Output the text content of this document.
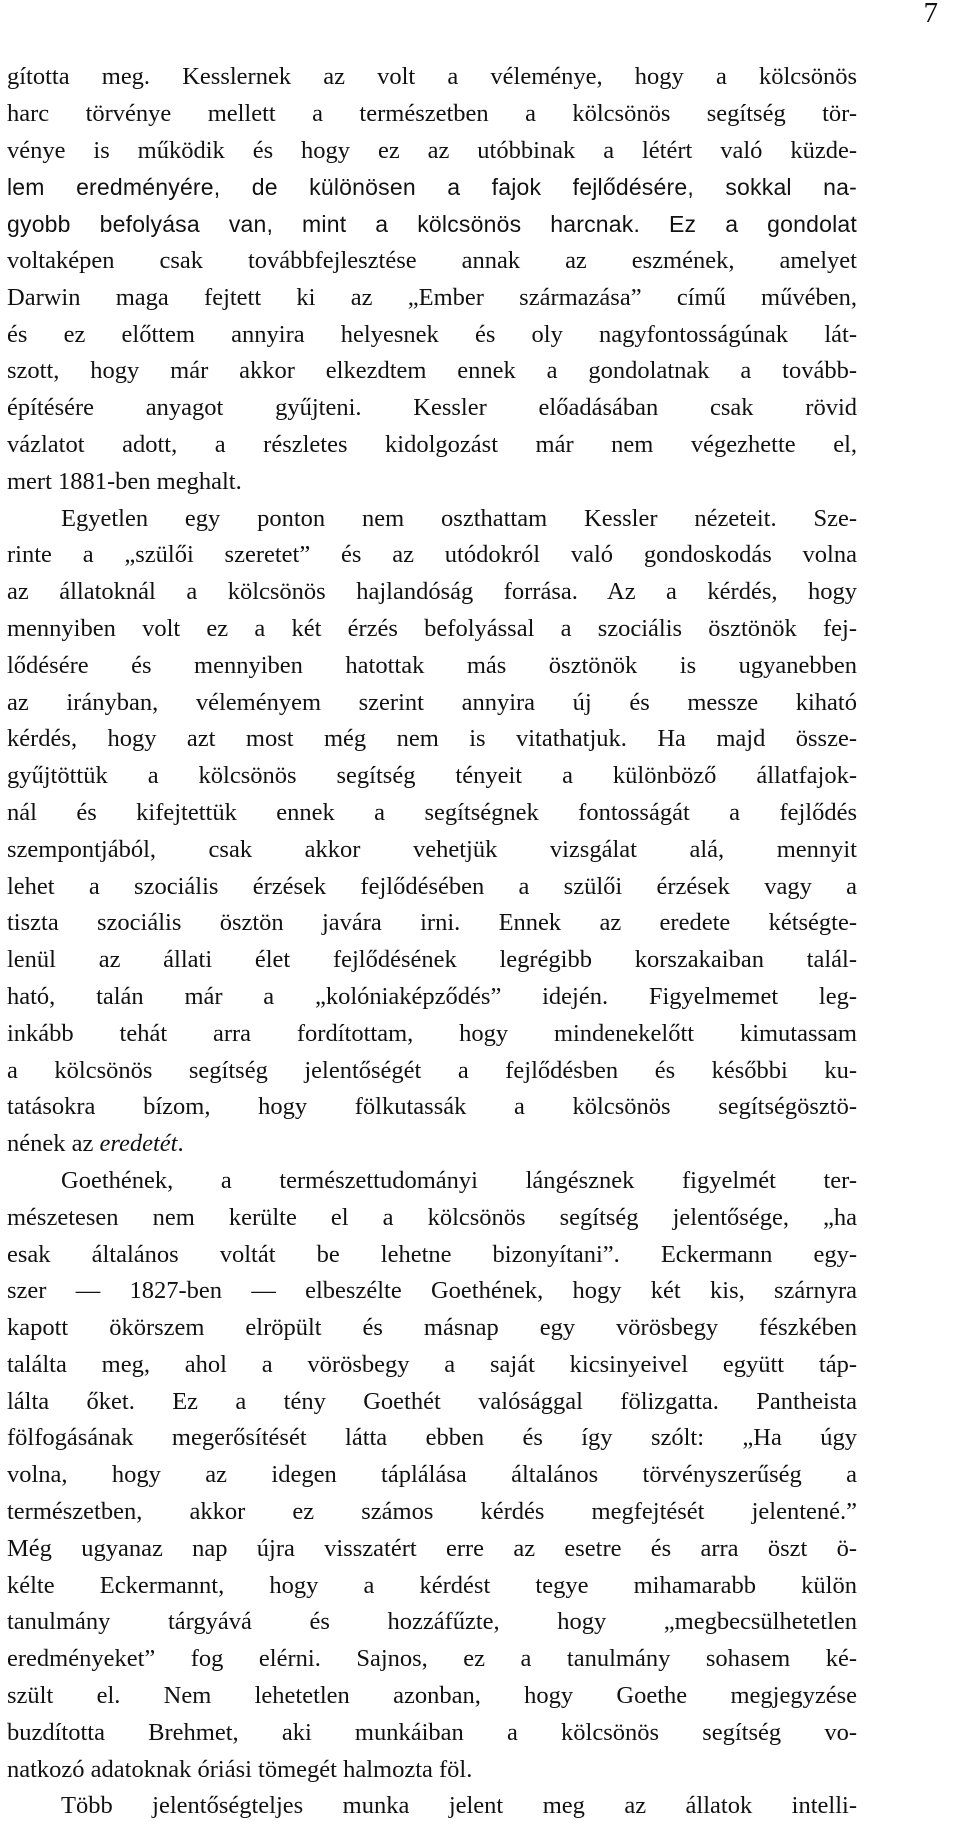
7
gította meg. Kesslernek az volt a véleménye, hogy a kölcsönös
harc törvénye mellett a természetben a kölcsönös segítség tör-
vénye is működik és hogy ez az utóbbinak a létért való küzde-
lem eredményére, de különösen a fajok fejlődésére, sokkal na-
gyobb befolyása van, mint a kölcsönös harcnak. Ez a gondolat
voltaképen csak továbbfejlesztése annak az eszmének, amelyet
Darwin maga fejtett ki az „Ember származása” című művében,
és ez előttem annyira helyesnek és oly nagyfontosságúnak lát-
szott, hogy már akkor elkezdtem ennek a gondolatnak a tovább-
építésére anyagot gyűjteni. Kessler előadásában csak rövid
vázlatot adott, a részletes kidolgozást már nem végezhette el,
mert 1881-ben meghalt.
Egyetlen egy ponton nem oszthattam Kessler nézeteit. Sze-
rinte a „szülői szeretet” és az utódokról való gondoskodás volna
az állatoknál a kölcsönös hajlandóság forrása. Az a kérdés, hogy
mennyiben volt ez a két érzés befolyással a szociális ösztönök fej-
lődésére és mennyiben hatottak más ösztönök is ugyanebben
az irányban, véleményem szerint annyira új és messze kiható
kérdés, hogy azt most még nem is vitathatjuk. Ha majd össze-
gyűjtöttük a kölcsönös segítség tényeit a különböző állatfajok-
nál és kifejtettük ennek a segítségnek fontosságát a fejlődés
szempontjából, csak akkor vehetjük vizsgálat alá, mennyit
lehet a szociális érzések fejlődésében a szülői érzések vagy a
tiszta szociális ösztön javára irni. Ennek az eredete kétségte-
lenül az állati élet fejlődésének legrégibb korszakaiban talál-
ható, talán már a „kolóniaképződés” idején. Figyelmemet leg-
inkább tehát arra fordítottam, hogy mindenekelőtt kimutassam
a kölcsönös segítség jelentőségét a fejlődésben és későbbi ku-
tatásokra bízom, hogy fölkutassák a kölcsönös segítségösztö-
nének az eredetét.
Goethének, a természettudományi lángésznek figyelmét ter-
mészetesen nem kerülte el a kölcsönös segítség jelentősége, „ha
esak általános voltát be lehetne bizonyítani”. Eckermann egy-
szer — 1827-ben — elbeszélte Goethének, hogy két kis, szárnyra
kapott ökörszem elröpült és másnap egy vörösbegy fészkében
találta meg, ahol a vörösbegy a saját kicsinyeivel együtt táp-
lálta őket. Ez a tény Goethét valósággal fölizgatta. Pantheista
fölfogásának megerősítését látta ebben és így szólt: „Ha úgy
volna, hogy az idegen táplálása általános törvényszerűség a
természetben, akkor ez számos kérdés megfejtését jelentené.”
Még ugyanaz nap újra visszatért erre az esetre és arra öszt ö-
kélte Eckermannt, hogy a kérdést tegye mihamarabb külön
tanulmány tárgyává és hozzáfűzte, hogy „megbecsülhetetlen
eredményeket” fog elérni. Sajnos, ez a tanulmány sohasem ké-
szült el. Nem lehetetlen azonban, hogy Goethe megjegyzése
buzdította Brehmet, aki munkáiban a kölcsönös segítség vo-
natkozó adatoknak óriási tömegét halmozta föl.
Több jelentőségteljes munka jelent meg az állatok intelli-
